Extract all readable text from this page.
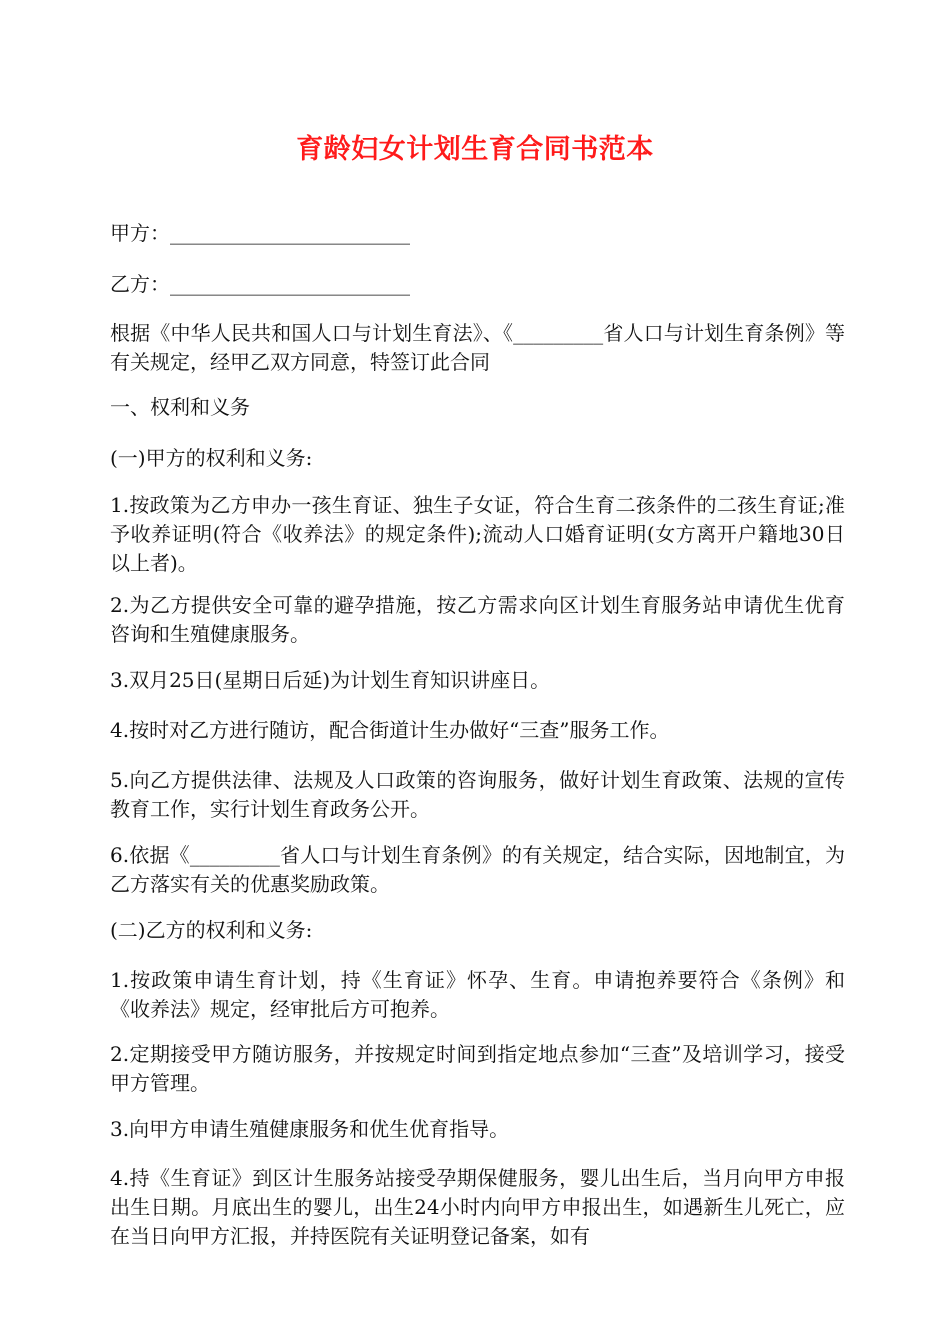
育龄妇女计划生育合同书范本
甲方：________________________
乙方：________________________

根据《中华人民共和国人口与计划生育法》、《_________省人口与计划生育条例》等有关规定，经甲乙双方同意，特签订此合同

一、权利和义务

(一)甲方的权利和义务:

1.按政策为乙方申办一孩生育证、独生子女证，符合生育二孩条件的二孩生育证;准予收养证明(符合《收养法》的规定条件);流动人口婚育证明(女方离开户籍地30日以上者)。

2.为乙方提供安全可靠的避孕措施，按乙方需求向区计划生育服务站申请优生优育咨询和生殖健康服务。

3.双月25日(星期日后延)为计划生育知识讲座日。

4.按时对乙方进行随访，配合街道计生办做好“三查”服务工作。

5.向乙方提供法律、法规及人口政策的咨询服务，做好计划生育政策、法规的宣传教育工作，实行计划生育政务公开。

6.依据《_________省人口与计划生育条例》的有关规定，结合实际，因地制宜，为乙方落实有关的优惠奖励政策。

(二)乙方的权利和义务:

1.按政策申请生育计划，持《生育证》怀孕、生育。申请抱养要符合《条例》和《收养法》规定，经审批后方可抱养。

2.定期接受甲方随访服务，并按规定时间到指定地点参加“三查”及培训学习，接受甲方管理。

3.向甲方申请生殖健康服务和优生优育指导。

4.持《生育证》到区计生服务站接受孕期保健服务，婴儿出生后，当月向甲方申报出生日期。月底出生的婴儿，出生24小时内向甲方申报出生，如遇新生儿死亡，应在当日向甲方汇报，并持医院有关证明登记备案，如有
